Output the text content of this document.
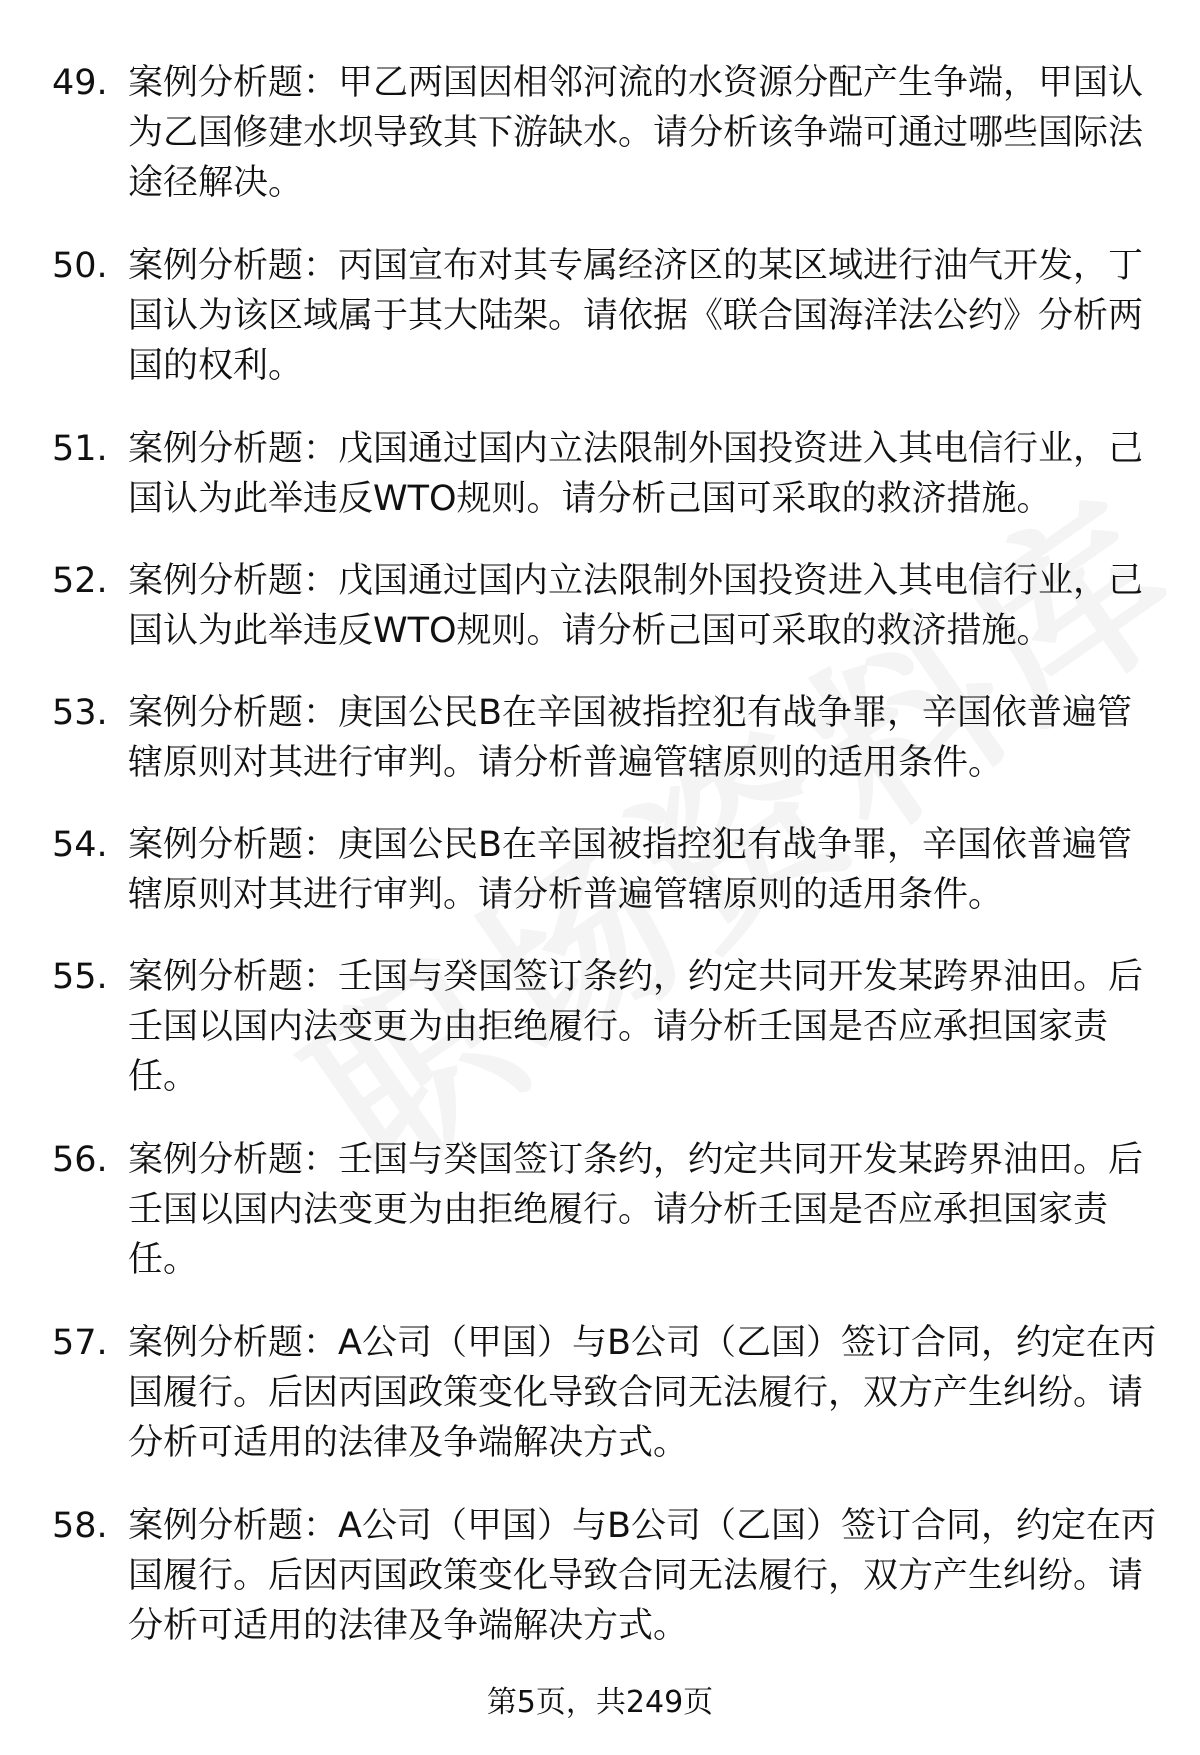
49. 案例分析题：甲乙两国因相邻河流的水资源分配产生争端，甲国认为乙国修建水坝导致其下游缺水。请分析该争端可通过哪些国际法途径解决。
50. 案例分析题：丙国宣布对其专属经济区的某区域进行油气开发，丁国认为该区域属于其大陆架。请依据《联合国海洋法公约》分析两国的权利。
51. 案例分析题：戊国通过国内立法限制外国投资进入其电信行业，己国认为此举违反WTO规则。请分析己国可采取的救济措施。
52. 案例分析题：戊国通过国内立法限制外国投资进入其电信行业，己国认为此举违反WTO规则。请分析己国可采取的救济措施。
53. 案例分析题：庚国公民B在辛国被指控犯有战争罪，辛国依普遍管辖原则对其进行审判。请分析普遍管辖原则的适用条件。
54. 案例分析题：庚国公民B在辛国被指控犯有战争罪，辛国依普遍管辖原则对其进行审判。请分析普遍管辖原则的适用条件。
55. 案例分析题：壬国与癸国签订条约，约定共同开发某跨界油田。后壬国以国内法变更为由拒绝履行。请分析壬国是否应承担国家责任。
56. 案例分析题：壬国与癸国签订条约，约定共同开发某跨界油田。后壬国以国内法变更为由拒绝履行。请分析壬国是否应承担国家责任。
57. 案例分析题：A公司（甲国）与B公司（乙国）签订合同，约定在丙国履行。后因丙国政策变化导致合同无法履行，双方产生纠纷。请分析可适用的法律及争端解决方式。
58. 案例分析题：A公司（甲国）与B公司（乙国）签订合同，约定在丙国履行。后因丙国政策变化导致合同无法履行，双方产生纠纷。请分析可适用的法律及争端解决方式。
第5页，共249页
